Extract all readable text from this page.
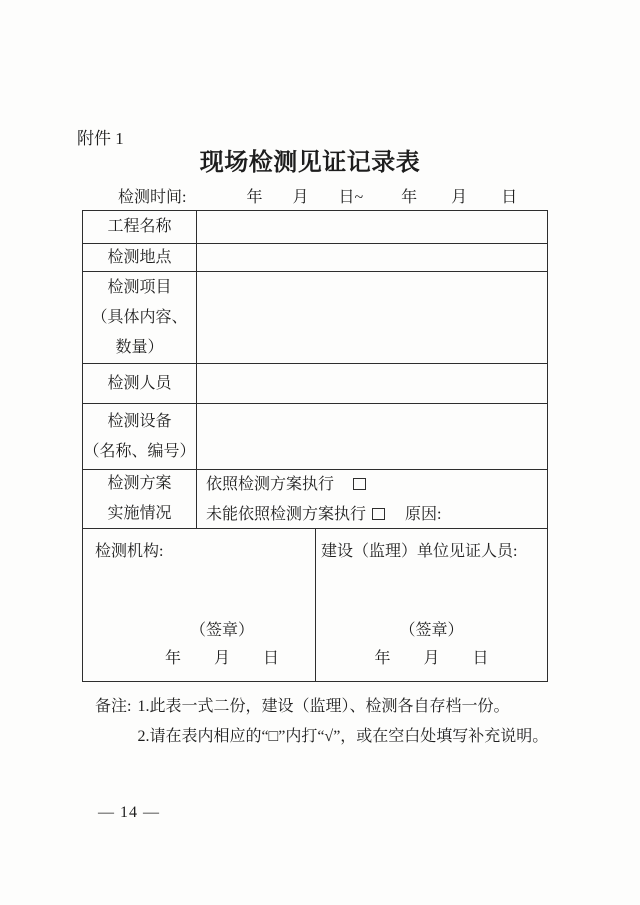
附件 1
现场检测见证记录表
检测时间:	年 月 日~ 年 月 日
工程名称
检测地点
检测项目
（具体内容、
数量）
检测人员
检测设备
（名称、编号）
检测方案
实施情况
依照检测方案执行
未能依照检测方案执行 原因:
检测机构:
（签章）
年 月 日
建设（监理）单位见证人员:
（签章）
年 月 日
备注: 1.此表一式二份，建设（监理）、检测各自存档一份。
2.请在表内相应的“□”内打“√”，或在空白处填写补充说明。
— 14 —
